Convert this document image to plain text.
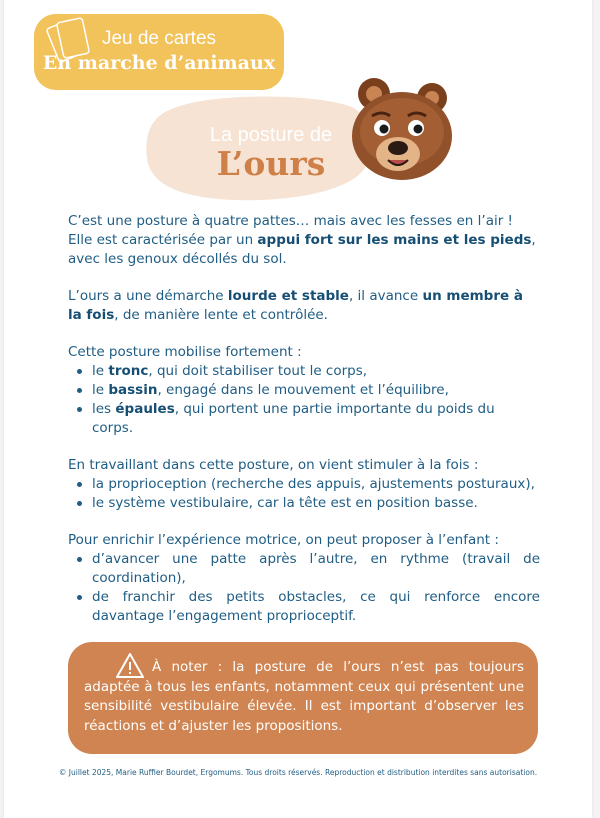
Jeu de cartes
En marche d’animaux
La posture de
L’ours

C’est une posture à quatre pattes… mais avec les fesses en l’air !
Elle est caractérisée par un appui fort sur les mains et les pieds, avec les genoux décollés du sol.

L’ours a une démarche lourde et stable, il avance un membre à la fois, de manière lente et contrôlée.

Cette posture mobilise fortement :
le tronc, qui doit stabiliser tout le corps,
le bassin, engagé dans le mouvement et l’équilibre,
les épaules, qui portent une partie importante du poids du corps.
En travaillant dans cette posture, on vient stimuler à la fois :
la proprioception (recherche des appuis, ajustements posturaux),
le système vestibulaire, car la tête est en position basse.
Pour enrichir l’expérience motrice, on peut proposer à l’enfant :
d’avancer une patte après l’autre, en rythme (travail de coordination),
de franchir des petits obstacles, ce qui renforce encore davantage l’engagement proprioceptif.
À noter : la posture de l’ours n’est pas toujours adaptée à tous les enfants, notamment ceux qui présentent une sensibilité vestibulaire élevée. Il est important d’observer les réactions et d’ajuster les propositions.
© Juillet 2025, Marie Ruffier Bourdet, Ergomums. Tous droits réservés. Reproduction et distribution interdites sans autorisation.
